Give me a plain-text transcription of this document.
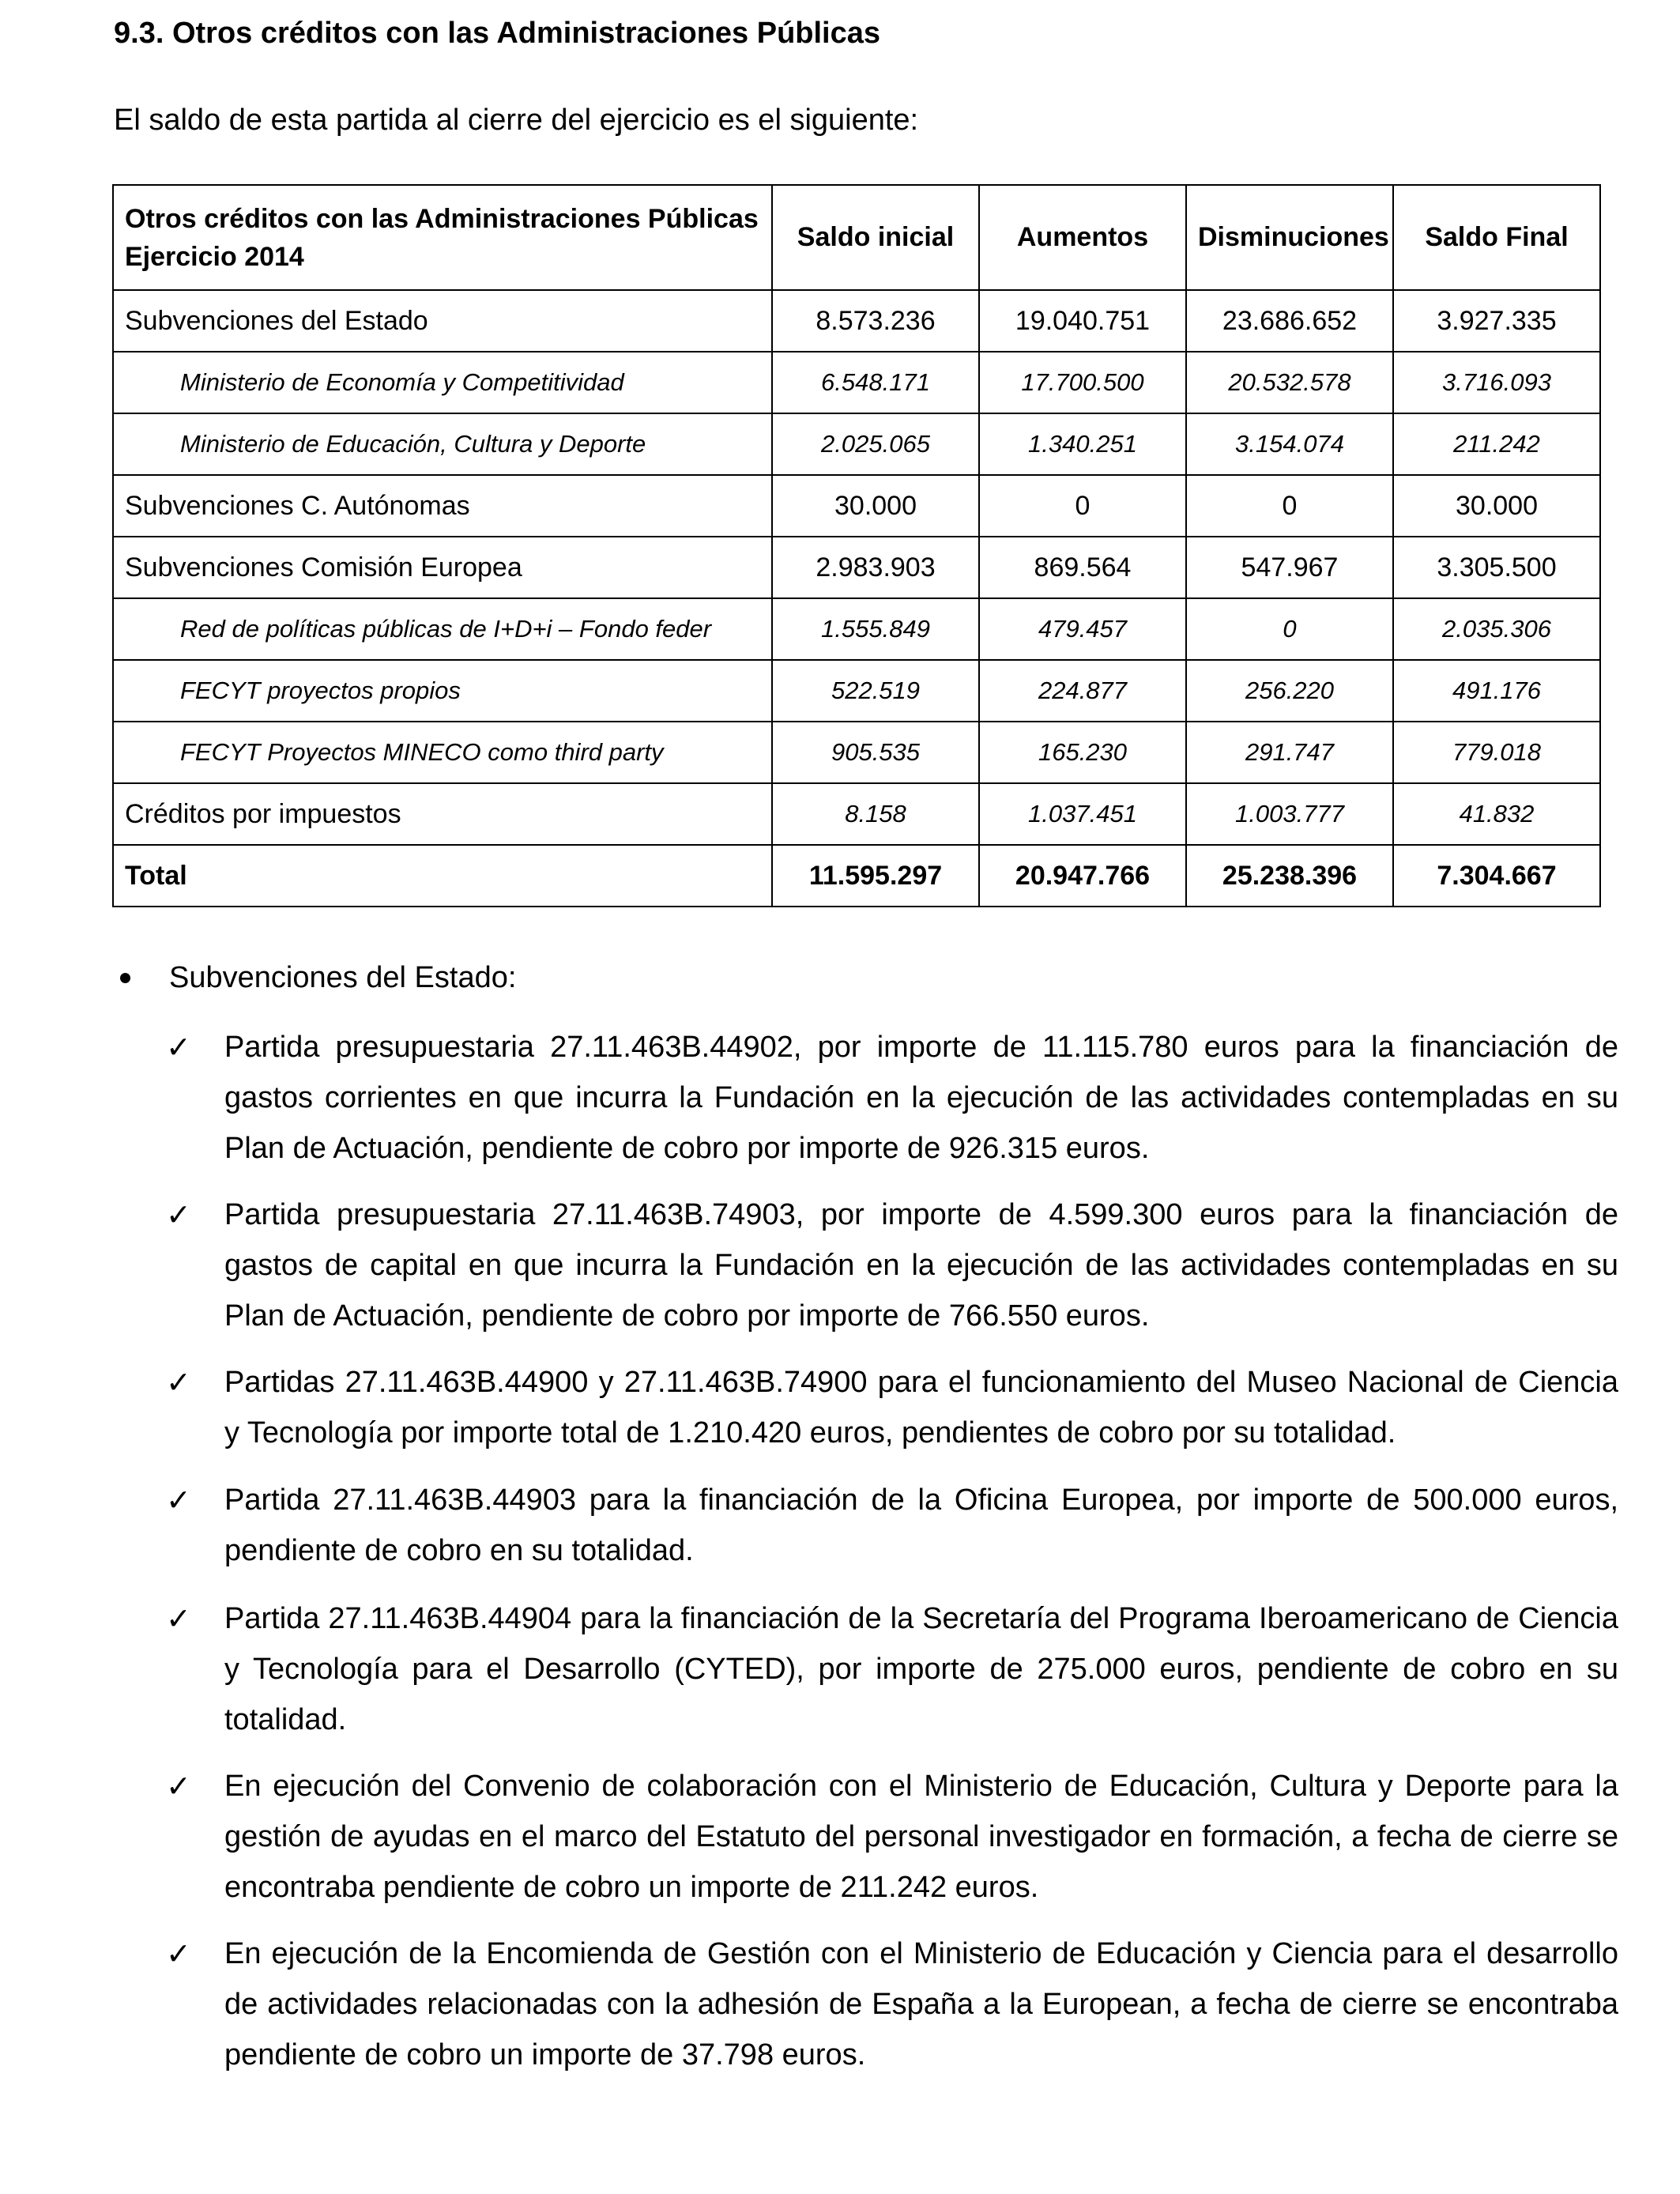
9.3. Otros créditos con las Administraciones Públicas
El saldo de esta partida al cierre del ejercicio es el siguiente:
Otros créditos con las Administraciones Públicas
Ejercicio 2014	Saldo inicial	Aumentos	Disminuciones	Saldo Final
Subvenciones del Estado	8.573.236	19.040.751	23.686.652	3.927.335
Ministerio de Economía y Competitividad	6.548.171	17.700.500	20.532.578	3.716.093
Ministerio de Educación, Cultura y Deporte	2.025.065	1.340.251	3.154.074	211.242
Subvenciones C. Autónomas	30.000	0	0	30.000
Subvenciones Comisión Europea	2.983.903	869.564	547.967	3.305.500
Red de políticas públicas de I+D+i – Fondo feder	1.555.849	479.457	0	2.035.306
FECYT proyectos propios	522.519	224.877	256.220	491.176
FECYT Proyectos MINECO como third party	905.535	165.230	291.747	779.018
Créditos por impuestos	8.158	1.037.451	1.003.777	41.832
Total	11.595.297	20.947.766	25.238.396	7.304.667
Subvenciones del Estado:
✓ Partida presupuestaria 27.11.463B.44902, por importe de 11.115.780 euros para la financiación de gastos corrientes en que incurra la Fundación en la ejecución de las actividades contempladas en su Plan de Actuación, pendiente de cobro por importe de 926.315 euros.
✓ Partida presupuestaria 27.11.463B.74903, por importe de 4.599.300 euros para la financiación de gastos de capital en que incurra la Fundación en la ejecución de las actividades contempladas en su Plan de Actuación, pendiente de cobro por importe de 766.550 euros.
✓ Partidas 27.11.463B.44900 y 27.11.463B.74900 para el funcionamiento del Museo Nacional de Ciencia y Tecnología por importe total de 1.210.420 euros, pendientes de cobro por su totalidad.
✓ Partida 27.11.463B.44903 para la financiación de la Oficina Europea, por importe de 500.000 euros, pendiente de cobro en su totalidad.
✓ Partida 27.11.463B.44904 para la financiación de la Secretaría del Programa Iberoamericano de Ciencia y Tecnología para el Desarrollo (CYTED), por importe de 275.000 euros, pendiente de cobro en su totalidad.
✓ En ejecución del Convenio de colaboración con el Ministerio de Educación, Cultura y Deporte para la gestión de ayudas en el marco del Estatuto del personal investigador en formación, a fecha de cierre se encontraba pendiente de cobro un importe de 211.242 euros.
✓ En ejecución de la Encomienda de Gestión con el Ministerio de Educación y Ciencia para el desarrollo de actividades relacionadas con la adhesión de España a la European, a fecha de cierre se encontraba pendiente de cobro un importe de 37.798 euros.
